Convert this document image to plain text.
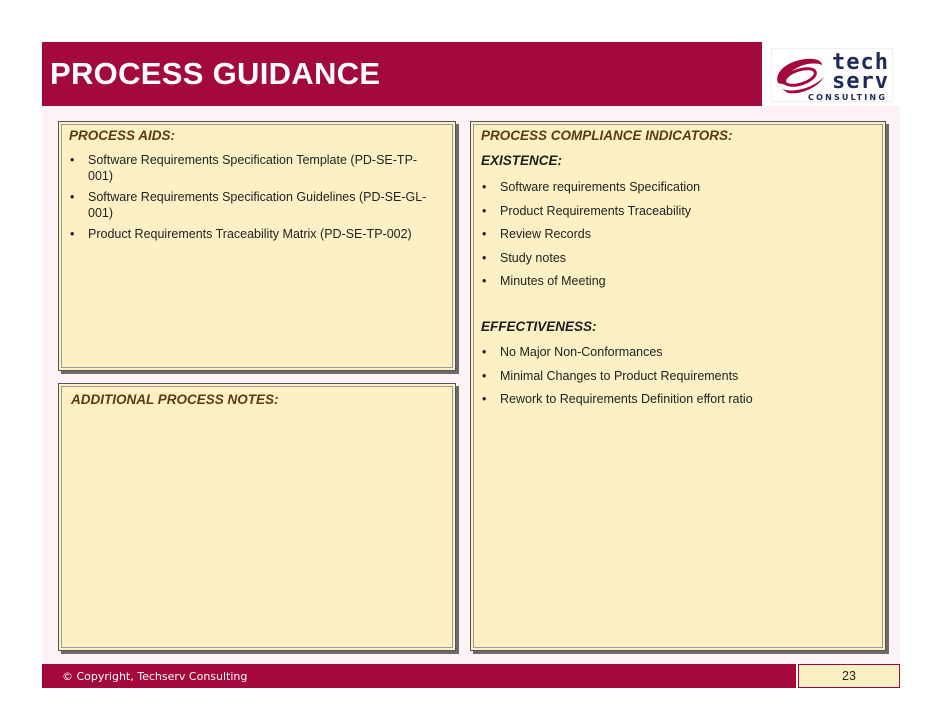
PROCESS GUIDANCE	tech
serv
CONSULTING
PROCESS AIDS:
• Software Requirements Specification Template (PD-SE-TP-
001)
• Software Requirements Specification Guidelines (PD-SE-GL-
001)
• Product Requirements Traceability Matrix (PD-SE-TP-002)
ADDITIONAL PROCESS NOTES:
PROCESS COMPLIANCE INDICATORS:
EXISTENCE:
• Software requirements Specification
• Product Requirements Traceability
• Review Records
• Study notes
• Minutes of Meeting
EFFECTIVENESS:
• No Major Non-Conformances
• Minimal Changes to Product Requirements
• Rework to Requirements Definition effort ratio
© Copyright, Techserv Consulting	23
